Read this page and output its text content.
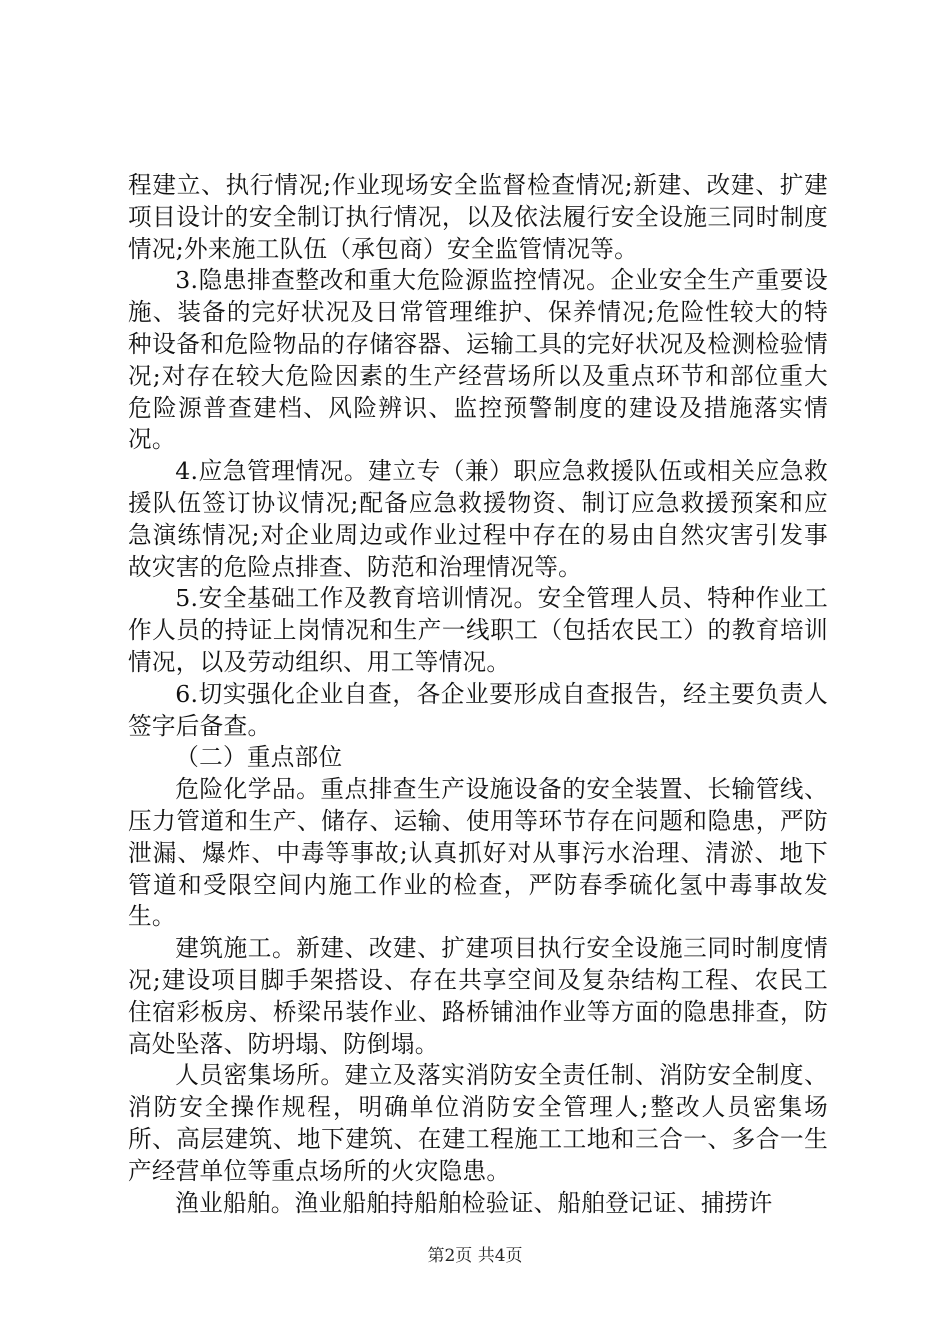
程建立、执行情况;作业现场安全监督检查情况;新建、改建、扩建项目设计的安全制订执行情况，以及依法履行安全设施三同时制度情况;外来施工队伍（承包商）安全监管情况等。

3.隐患排查整改和重大危险源监控情况。企业安全生产重要设施、装备的完好状况及日常管理维护、保养情况;危险性较大的特种设备和危险物品的存储容器、运输工具的完好状况及检测检验情况;对存在较大危险因素的生产经营场所以及重点环节和部位重大危险源普查建档、风险辨识、监控预警制度的建设及措施落实情况。

4.应急管理情况。建立专（兼）职应急救援队伍或相关应急救援队伍签订协议情况;配备应急救援物资、制订应急救援预案和应急演练情况;对企业周边或作业过程中存在的易由自然灾害引发事故灾害的危险点排查、防范和治理情况等。

5.安全基础工作及教育培训情况。安全管理人员、特种作业工作人员的持证上岗情况和生产一线职工（包括农民工）的教育培训情况，以及劳动组织、用工等情况。

6.切实强化企业自查，各企业要形成自查报告，经主要负责人签字后备查。

（二）重点部位

危险化学品。重点排查生产设施设备的安全装置、长输管线、压力管道和生产、储存、运输、使用等环节存在问题和隐患，严防泄漏、爆炸、中毒等事故;认真抓好对从事污水治理、清淤、地下管道和受限空间内施工作业的检查，严防春季硫化氢中毒事故发生。

建筑施工。新建、改建、扩建项目执行安全设施三同时制度情况;建设项目脚手架搭设、存在共享空间及复杂结构工程、农民工住宿彩板房、桥梁吊装作业、路桥铺油作业等方面的隐患排查，防高处坠落、防坍塌、防倒塌。

人员密集场所。建立及落实消防安全责任制、消防安全制度、消防安全操作规程，明确单位消防安全管理人;整改人员密集场所、高层建筑、地下建筑、在建工程施工工地和三合一、多合一生产经营单位等重点场所的火灾隐患。

渔业船舶。渔业船舶持船舶检验证、船舶登记证、捕捞许

第2页 共4页
